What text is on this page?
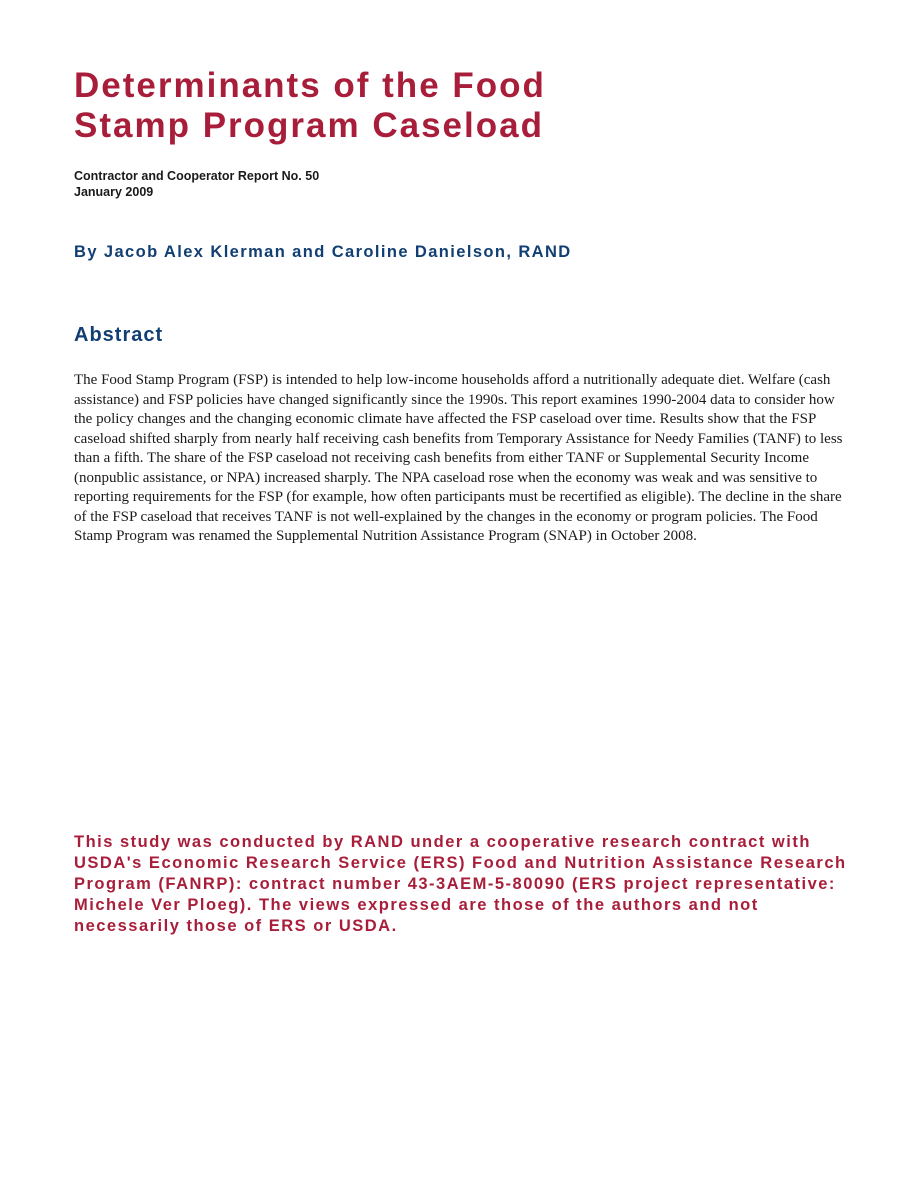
Determinants of the Food
Stamp Program Caseload
Contractor and Cooperator Report No. 50
January 2009
By Jacob Alex Klerman and Caroline Danielson, RAND
Abstract

The Food Stamp Program (FSP) is intended to help low-income households afford a nutritionally adequate diet. Welfare (cash assistance) and FSP policies have changed significantly since the 1990s. This report examines 1990-2004 data to consider how the policy changes and the changing economic climate have affected the FSP caseload over time. Results show that the FSP caseload shifted sharply from nearly half receiving cash benefits from Temporary Assistance for Needy Families (TANF) to less than a fifth. The share of the FSP caseload not receiving cash benefits from either TANF or Supplemental Security Income (nonpublic assistance, or NPA) increased sharply. The NPA caseload rose when the economy was weak and was sensitive to reporting requirements for the FSP (for example, how often participants must be recertified as eligible). The decline in the share of the FSP caseload that receives TANF is not well-explained by the changes in the economy or program policies. The Food Stamp Program was renamed the Supplemental Nutrition Assistance Program (SNAP) in October 2008.

This study was conducted by RAND under a cooperative research contract with USDA's Economic Research Service (ERS) Food and Nutrition Assistance Research Program (FANRP): contract number 43-3AEM-5-80090 (ERS project representative: Michele Ver Ploeg). The views expressed are those of the authors and not necessarily those of ERS or USDA.
